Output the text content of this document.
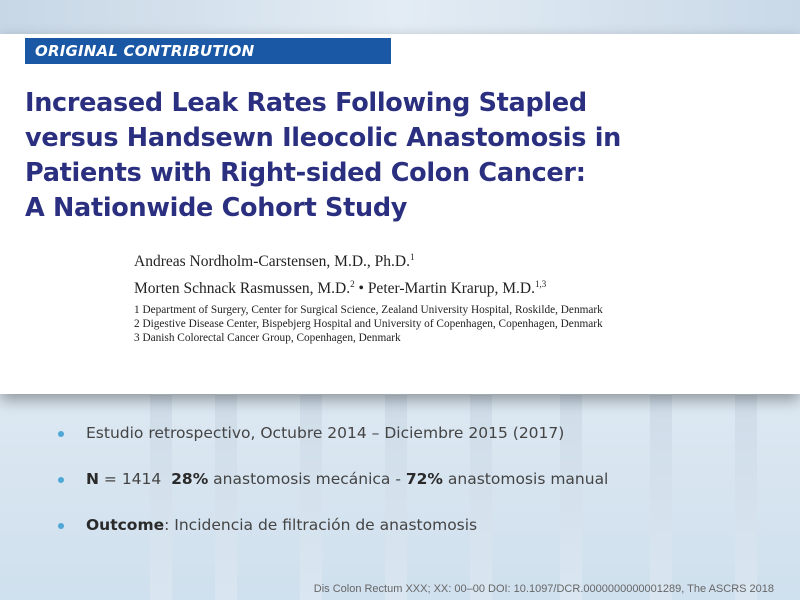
ORIGINAL CONTRIBUTION
Increased Leak Rates Following Stapled
versus Handsewn Ileocolic Anastomosis in
Patients with Right-sided Colon Cancer:
A Nationwide Cohort Study
Andreas Nordholm-Carstensen, M.D., Ph.D.$^1$
Morten Schnack Rasmussen, M.D.$^2$ • Peter-Martin Krarup, M.D.$^{1,3}$
1 Department of Surgery, Center for Surgical Science, Zealand University Hospital, Roskilde, Denmark
2 Digestive Disease Center, Bispebjerg Hospital and University of Copenhagen, Copenhagen, Denmark
3 Danish Colorectal Cancer Group, Copenhagen, Denmark
Estudio retrospectivo, Octubre 2014 – Diciembre 2015 (2017)
N = 1414  28% anastomosis mecánica - 72% anastomosis manual
Outcome: Incidencia de filtración de anastomosis
Dis Colon Rectum XXX; XX: 00–00 DOI: 10.1097/DCR.0000000000001289, The ASCRS 2018
